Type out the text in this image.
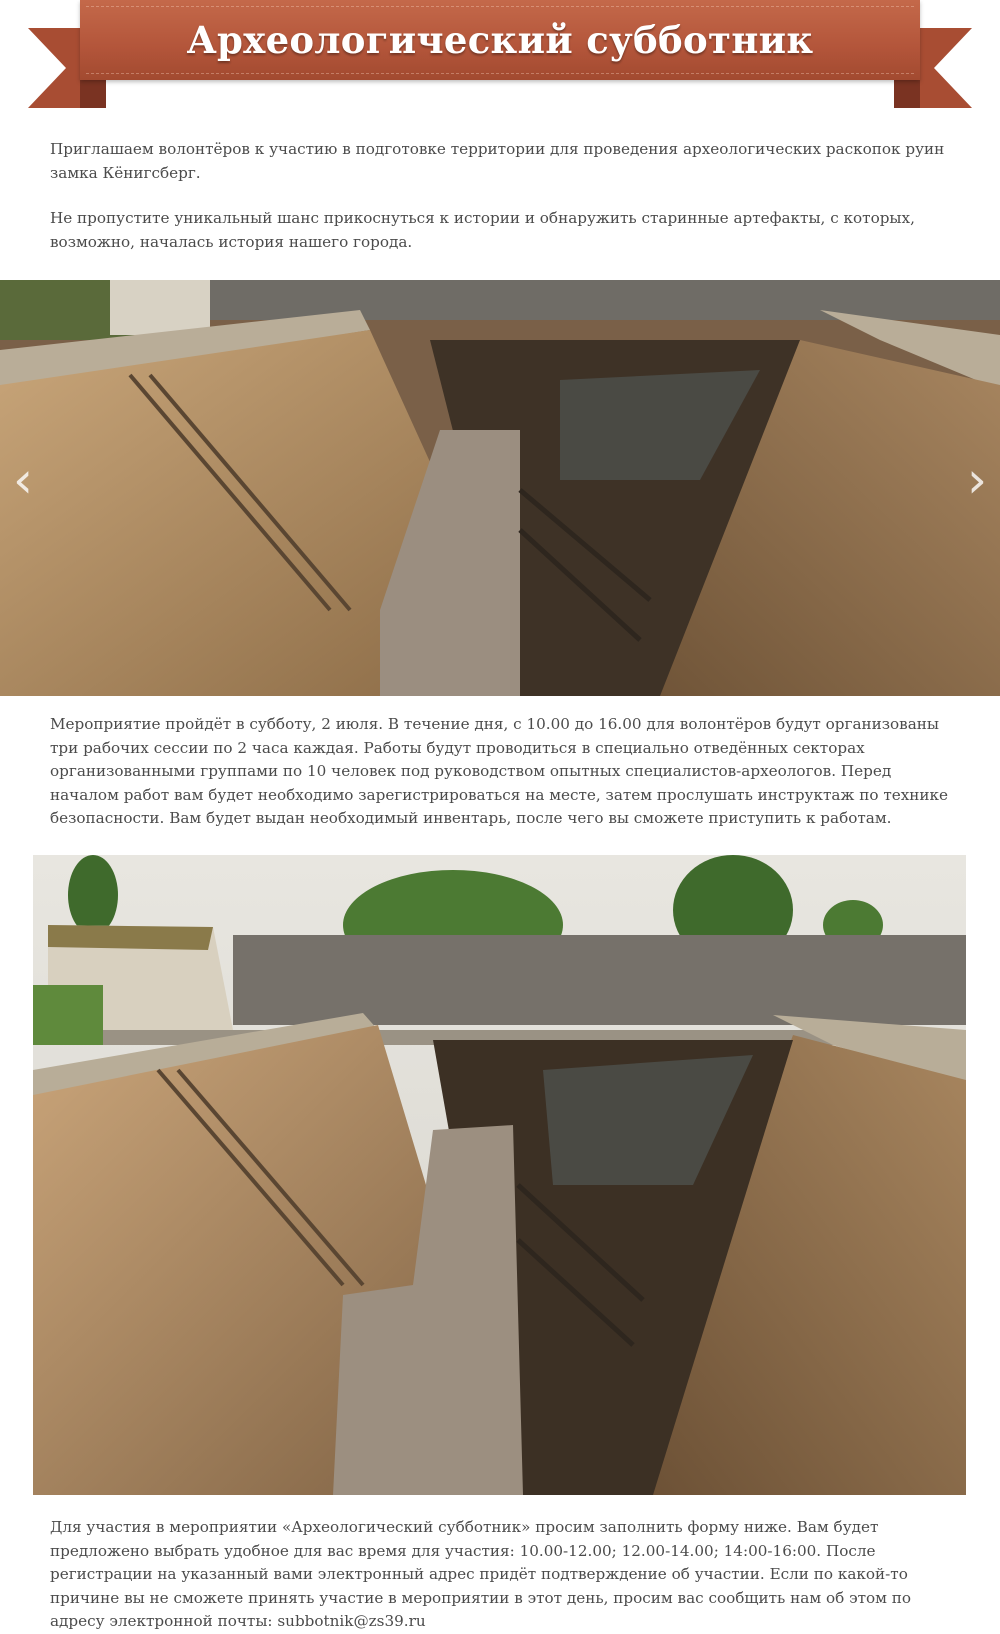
Археологический субботник

Приглашаем волонтёров к участию в подготовке территории для проведения археологических раскопок руин замка Кёнигсберг.

Не пропустите уникальный шанс прикоснуться к истории и обнаружить старинные артефакты, с которых, возможно, началась история нашего города.

‹	›

Мероприятие пройдёт в субботу, 2 июля. В течение дня, с 10.00 до 16.00 для волонтёров будут организованы три рабочих сессии по 2 часа каждая. Работы будут проводиться в специально отведённых секторах организованными группами по 10 человек под руководством опытных специалистов-археологов. Перед началом работ вам будет необходимо зарегистрироваться на месте, затем прослушать инструктаж по технике безопасности. Вам будет выдан необходимый инвентарь, после чего вы сможете приступить к работам.

Для участия в мероприятии «Археологический субботник» просим заполнить форму ниже. Вам будет предложено выбрать удобное для вас время для участия: 10.00-12.00; 12.00-14.00; 14:00-16:00. После регистрации на указанный вами электронный адрес придёт подтверждение об участии. Если по какой-то причине вы не сможете принять участие в мероприятии в этот день, просим вас сообщить нам об этом по адресу электронной почты: subbotnik@zs39.ru
